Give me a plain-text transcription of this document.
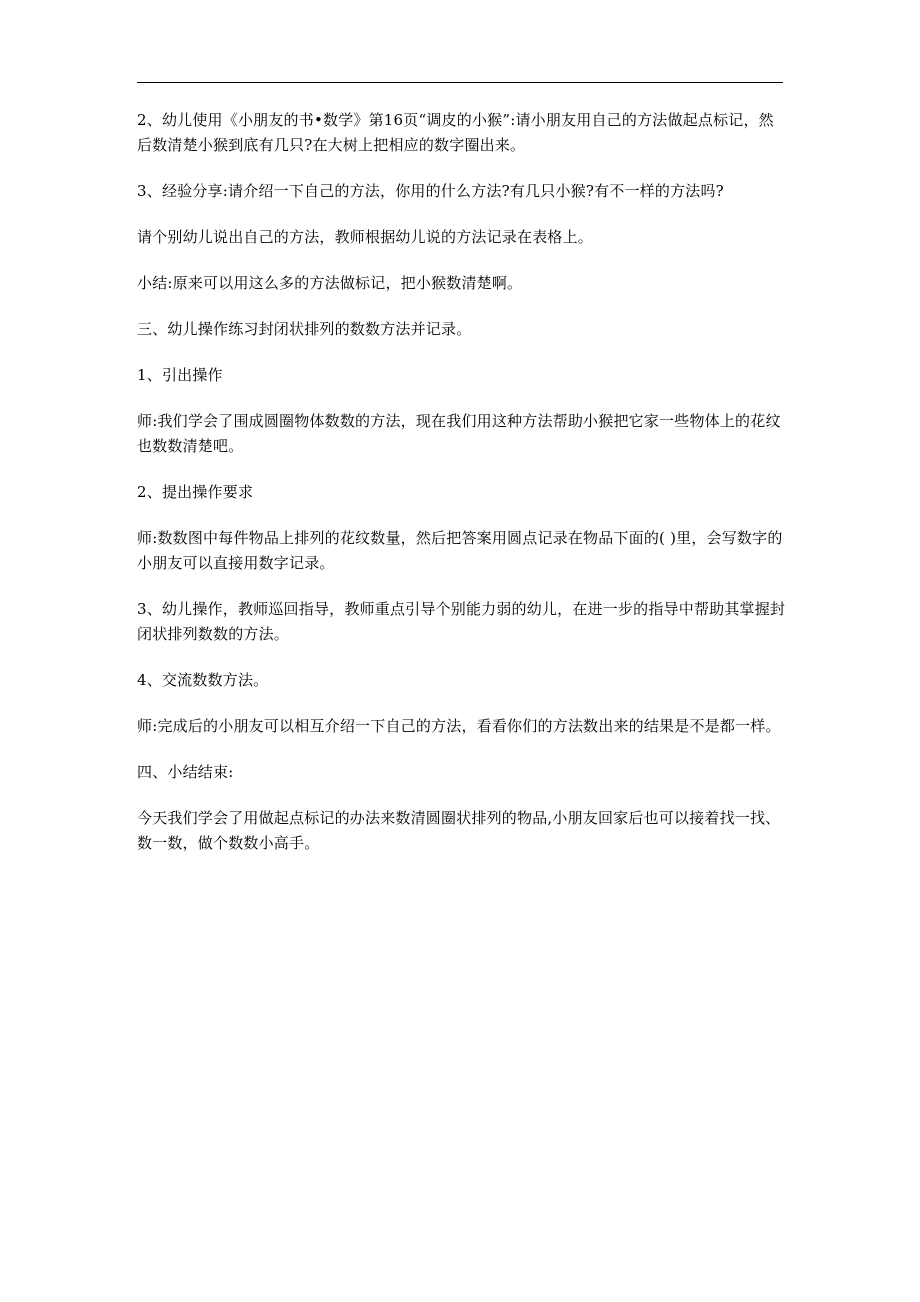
2、幼儿使用《小朋友的书•数学》第16页“调皮的小猴”:请小朋友用自己的方法做起点标记，然后数清楚小猴到底有几只?在大树上把相应的数字圈出来。

3、经验分享:请介绍一下自己的方法，你用的什么方法?有几只小猴?有不一样的方法吗?

请个别幼儿说出自己的方法，教师根据幼儿说的方法记录在表格上。

小结:原来可以用这么多的方法做标记，把小猴数清楚啊。

三、幼儿操作练习封闭状排列的数数方法并记录。

1、引出操作

师:我们学会了围成圆圈物体数数的方法，现在我们用这种方法帮助小猴把它家一些物体上的花纹也数数清楚吧。

2、提出操作要求

师:数数图中每件物品上排列的花纹数量，然后把答案用圆点记录在物品下面的( )里，会写数字的小朋友可以直接用数字记录。

3、幼儿操作，教师巡回指导，教师重点引导个别能力弱的幼儿，在进一步的指导中帮助其掌握封闭状排列数数的方法。

4、交流数数方法。

师:完成后的小朋友可以相互介绍一下自己的方法，看看你们的方法数出来的结果是不是都一样。

四、小结结束:

今天我们学会了用做起点标记的办法来数清圆圈状排列的物品,小朋友回家后也可以接着找一找、数一数，做个数数小高手。
